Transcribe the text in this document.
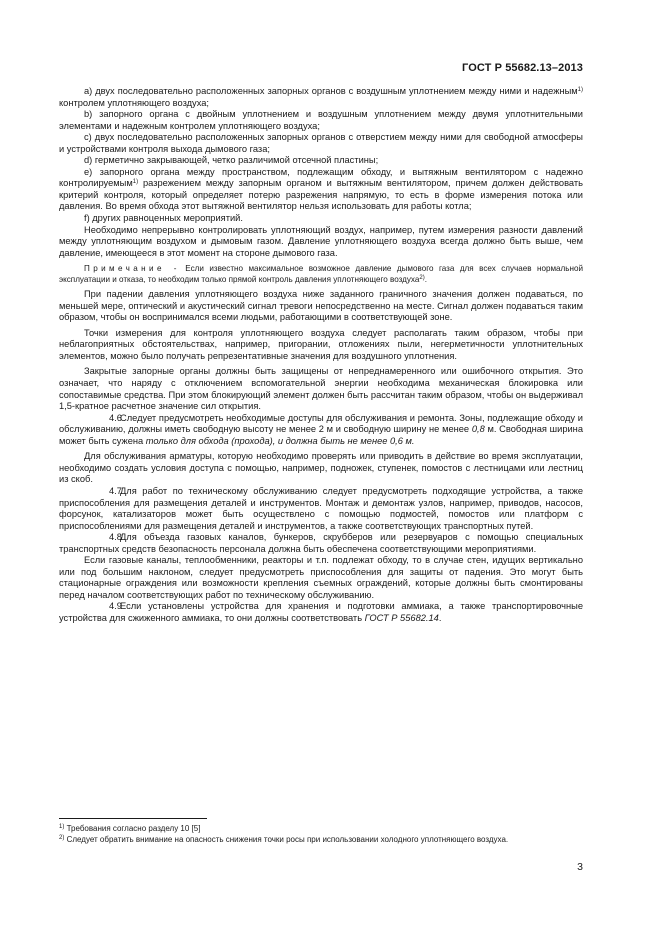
ГОСТ Р 55682.13–2013

а) двух последовательно расположенных запорных органов с воздушным уплотнением между ними и надежным$^{1)}$ контролем уплотняющего воздуха;

b) запорного органа с двойным уплотнением и воздушным уплотнением между двумя уплотнительными элементами и надежным контролем уплотняющего воздуха;

с) двух последовательно расположенных запорных органов с отверстием между ними для свободной атмосферы и устройствами контроля выхода дымового газа;

d) герметично закрывающей, четко различимой отсечной пластины;

е) запорного органа между пространством, подлежащим обходу, и вытяжным вентилятором с надежно контролируемым$^{1)}$ разрежением между запорным органом и вытяжным вентилятором, причем должен действовать критерий контроля, который определяет потерю разрежения напрямую, то есть в форме измерения потока или давления. Во время обхода этот вытяжной вентилятор нельзя использовать для работы котла;

f) других равноценных мероприятий.

Необходимо непрерывно контролировать уплотняющий воздух, например, путем измерения разности давлений между уплотняющим воздухом и дымовым газом. Давление уплотняющего воздуха всегда должно быть выше, чем давление, имеющееся в этот момент на стороне дымового газа.

Примечание - Если известно максимальное возможное давление дымового газа для всех случаев нормальной эксплуатации и отказа, то необходим только прямой контроль давления уплотняющего воздуха$^{2)}$.

При падении давления уплотняющего воздуха ниже заданного граничного значения должен подаваться, по меньшей мере, оптический и акустический сигнал тревоги непосредственно на месте. Сигнал должен подаваться таким образом, чтобы он воспринимался всеми людьми, работающими в соответствующей зоне.

Точки измерения для контроля уплотняющего воздуха следует располагать таким образом, чтобы при неблагоприятных обстоятельствах, например, пригорании, отложениях пыли, негерметичности уплотнительных элементов, можно было получать репрезентативные значения для воздушного уплотнения.

Закрытые запорные органы должны быть защищены от непреднамеренного или ошибочного открытия. Это означает, что наряду с отключением вспомогательной энергии необходима механическая блокировка или сопоставимые средства. При этом блокирующий элемент должен быть рассчитан таким образом, чтобы он выдерживал 1,5-кратное расчетное значение сил открытия.

4.6Следует предусмотреть необходимые доступы для обслуживания и ремонта. Зоны, подлежащие обходу и обслуживанию, должны иметь свободную высоту не менее 2 м и свободную ширину не менее 0,8 м. Свободная ширина может быть сужена только для обхода (прохода), и должна быть не менее 0,6 м.

Для обслуживания арматуры, которую необходимо проверять или приводить в действие во время эксплуатации, необходимо создать условия доступа с помощью, например, подножек, ступенек, помостов с лестницами или лестниц из скоб.

4.7Для работ по техническому обслуживанию следует предусмотреть подходящие устройства, а также приспособления для размещения деталей и инструментов. Монтаж и демонтаж узлов, например, приводов, насосов, форсунок, катализаторов может быть осуществлено с помощью подмостей, помостов или платформ с приспособлениями для размещения деталей и инструментов, а также соответствующих транспортных путей.

4.8Для объезда газовых каналов, бункеров, скрубберов или резервуаров с помощью специальных транспортных средств безопасность персонала должна быть обеспечена соответствующими мероприятиями.

Если газовые каналы, теплообменники, реакторы и т.п. подлежат обходу, то в случае стен, идущих вертикально или под большим наклоном, следует предусмотреть приспособления для защиты от падения. Это могут быть стационарные ограждения или возможности крепления съемных ограждений, которые должны быть смонтированы перед началом соответствующих работ по техническому обслуживанию.

4.9Если установлены устройства для хранения и подготовки аммиака, а также транспортировочные устройства для сжиженного аммиака, то они должны соответствовать ГОСТ Р 55682.14.

$^{1)}$ Требования согласно разделу 10 [5]

$^{2)}$ Следует обратить внимание на опасность снижения точки росы при использовании холодного уплотняющего воздуха.

3
